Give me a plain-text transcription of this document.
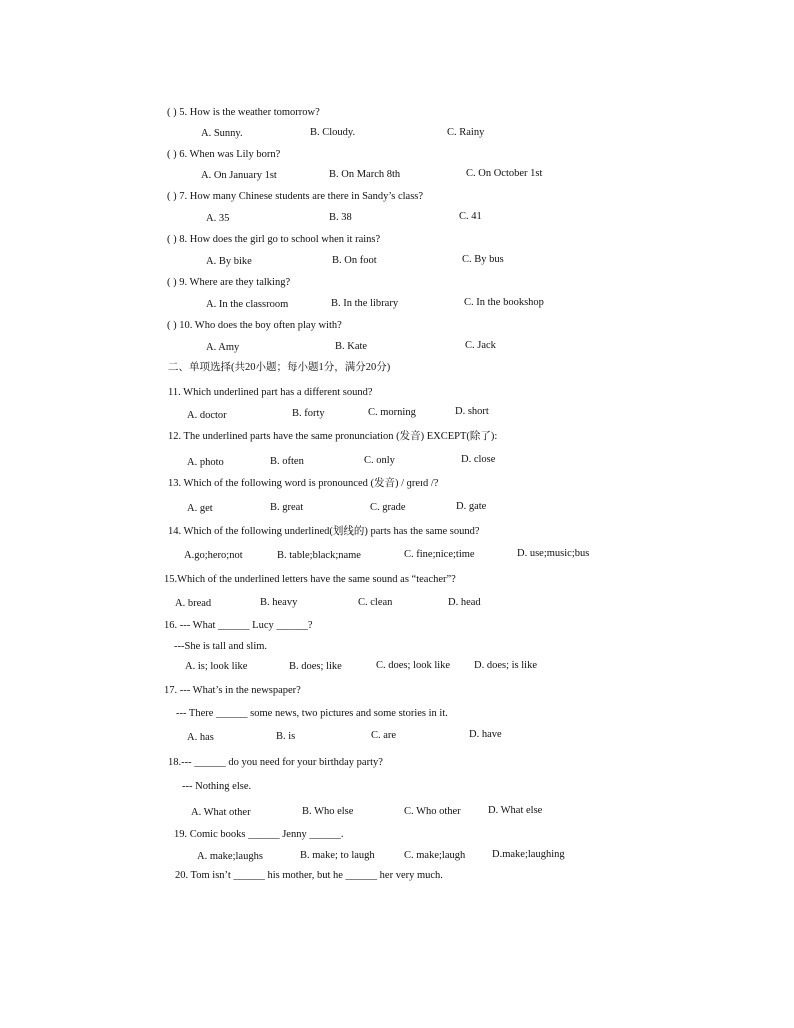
( ) 5. How is the weather tomorrow?
A. Sunny.	B. Cloudy.	C. Rainy
( ) 6. When was Lily born?
A. On January 1st	B. On March 8th	C. On October 1st
( ) 7. How many Chinese students are there in Sandy’s class?
A. 35	B. 38	C. 41
( ) 8. How does the girl go to school when it rains?
A. By bike	B. On foot	C. By bus
( ) 9. Where are they talking?
A. In the classroom	B. In the library	C. In the bookshop
( ) 10. Who does the boy often play with?
A. Amy	B. Kate	C. Jack
二、单项选择(共20小题；每小题1分，满分20分)
11. Which underlined part has a different sound?
A. doctor	B. forty	C. morning	D. short
12. The underlined parts have the same pronunciation (发音) EXCEPT(除了):
A. photo	B. often	C. only	D. close
13. Which of the following word is pronounced (发音) / ɡreɪd /?
A. get	B. great	C. grade	D. gate
14. Which of the following underlined(划线的) parts has the same sound?
A.go;hero;not	B. table;black;name	C. fine;nice;time	D. use;music;bus
15.Which of the underlined letters have the same sound as “teacher”?
A. bread	B. heavy	C. clean	D. head
16. --- What ______ Lucy ______?
---She is tall and slim.
A. is; look like	B. does; like	C. does; look like D. does; is like
17. --- What’s in the newspaper?
--- There ______ some news, two pictures and some stories in it.
A. has	B. is	C. are	D. have
18.--- ______ do you need for your birthday party?
--- Nothing else.
A. What other	B. Who else	C. Who other	D. What else
19. Comic books ______ Jenny ______.
A. make;laughs	B. make; to laugh	C. make;laugh	D.make;laughing
20. Tom isn’t ______ his mother, but he ______ her very much.
